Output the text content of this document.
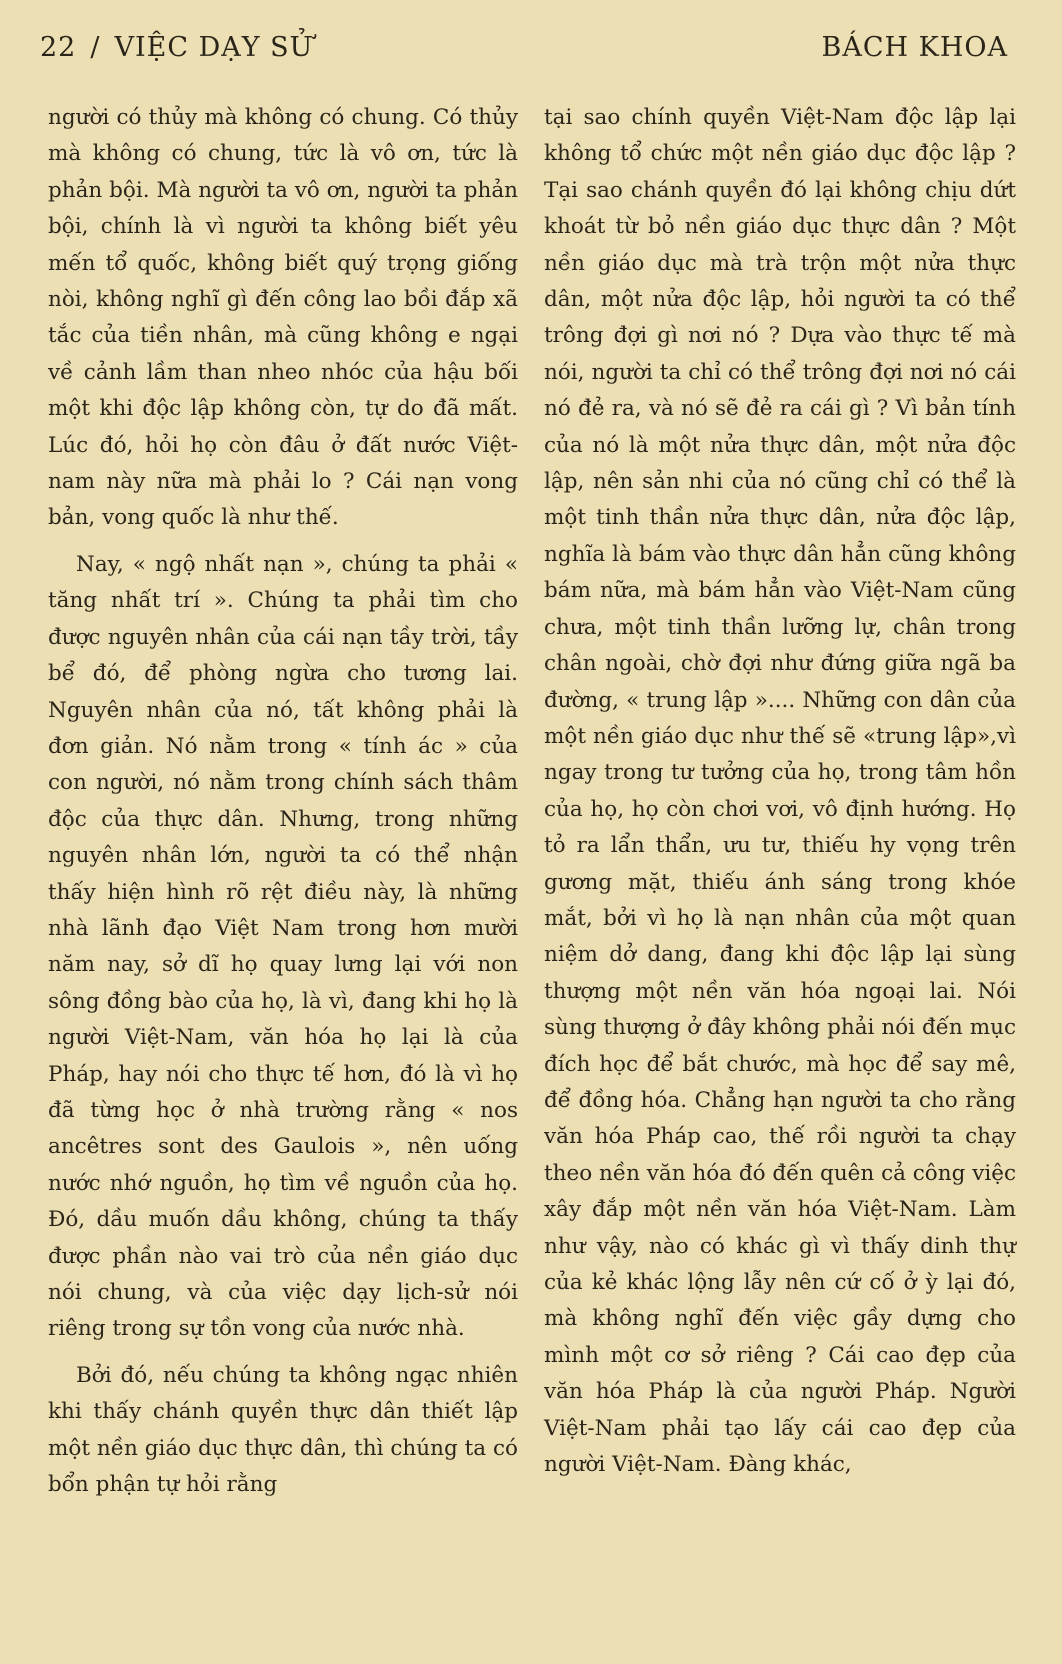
22 / VIỆC DẠY SỬ	BÁCH KHOA

người có thủy mà không có chung. Có thủy mà không có chung, tức là vô ơn, tức là phản bội. Mà người ta vô ơn, người ta phản bội, chính là vì người ta không biết yêu mến tổ quốc, không biết quý trọng giống nòi, không nghĩ gì đến công lao bồi đắp xã tắc của tiền nhân, mà cũng không e ngại về cảnh lầm than nheo nhóc của hậu bối một khi độc lập không còn, tự do đã mất. Lúc đó, hỏi họ còn đâu ở đất nước Việt-nam này nữa mà phải lo ? Cái nạn vong bản, vong quốc là như thế.

Nay, « ngộ nhất nạn », chúng ta phải « tăng nhất trí ». Chúng ta phải tìm cho được nguyên nhân của cái nạn tầy trời, tầy bể đó, để phòng ngừa cho tương lai. Nguyên nhân của nó, tất không phải là đơn giản. Nó nằm trong « tính ác » của con người, nó nằm trong chính sách thâm độc của thực dân. Nhưng, trong những nguyên nhân lớn, người ta có thể nhận thấy hiện hình rõ rệt điều này, là những nhà lãnh đạo Việt Nam trong hơn mười năm nay, sở dĩ họ quay lưng lại với non sông đồng bào của họ, là vì, đang khi họ là người Việt-Nam, văn hóa họ lại là của Pháp, hay nói cho thực tế hơn, đó là vì họ đã từng học ở nhà trường rằng « nos ancêtres sont des Gaulois », nên uống nước nhớ nguồn, họ tìm về nguồn của họ. Đó, dầu muốn dầu không, chúng ta thấy được phần nào vai trò của nền giáo dục nói chung, và của việc dạy lịch-sử nói riêng trong sự tồn vong của nước nhà.

Bởi đó, nếu chúng ta không ngạc nhiên khi thấy chánh quyền thực dân thiết lập một nền giáo dục thực dân, thì chúng ta có bổn phận tự hỏi rằng

tại sao chính quyền Việt-Nam độc lập lại không tổ chức một nền giáo dục độc lập ? Tại sao chánh quyền đó lại không chịu dứt khoát từ bỏ nền giáo dục thực dân ? Một nền giáo dục mà trà trộn một nửa thực dân, một nửa độc lập, hỏi người ta có thể trông đợi gì nơi nó ? Dựa vào thực tế mà nói, người ta chỉ có thể trông đợi nơi nó cái nó đẻ ra, và nó sẽ đẻ ra cái gì ? Vì bản tính của nó là một nửa thực dân, một nửa độc lập, nên sản nhi của nó cũng chỉ có thể là một tinh thần nửa thực dân, nửa độc lập, nghĩa là bám vào thực dân hẳn cũng không bám nữa, mà bám hẳn vào Việt-Nam cũng chưa, một tinh thần lưỡng lự, chân trong chân ngoài, chờ đợi như đứng giữa ngã ba đường, « trung lập ».... Những con dân của một nền giáo dục như thế sẽ «trung lập»,vì ngay trong tư tưởng của họ, trong tâm hồn của họ, họ còn chơi vơi, vô định hướng. Họ tỏ ra lẩn thẩn, ưu tư, thiếu hy vọng trên gương mặt, thiếu ánh sáng trong khóe mắt, bởi vì họ là nạn nhân của một quan niệm dở dang, đang khi độc lập lại sùng thượng một nền văn hóa ngoại lai. Nói sùng thượng ở đây không phải nói đến mục đích học để bắt chước, mà học để say mê, để đồng hóa. Chẳng hạn người ta cho rằng văn hóa Pháp cao, thế rồi người ta chạy theo nền văn hóa đó đến quên cả công việc xây đắp một nền văn hóa Việt-Nam. Làm như vậy, nào có khác gì vì thấy dinh thự của kẻ khác lộng lẫy nên cứ cố ở ỳ lại đó, mà không nghĩ đến việc gầy dựng cho mình một cơ sở riêng ? Cái cao đẹp của văn hóa Pháp là của người Pháp. Người Việt-Nam phải tạo lấy cái cao đẹp của người Việt-Nam. Đàng khác,
